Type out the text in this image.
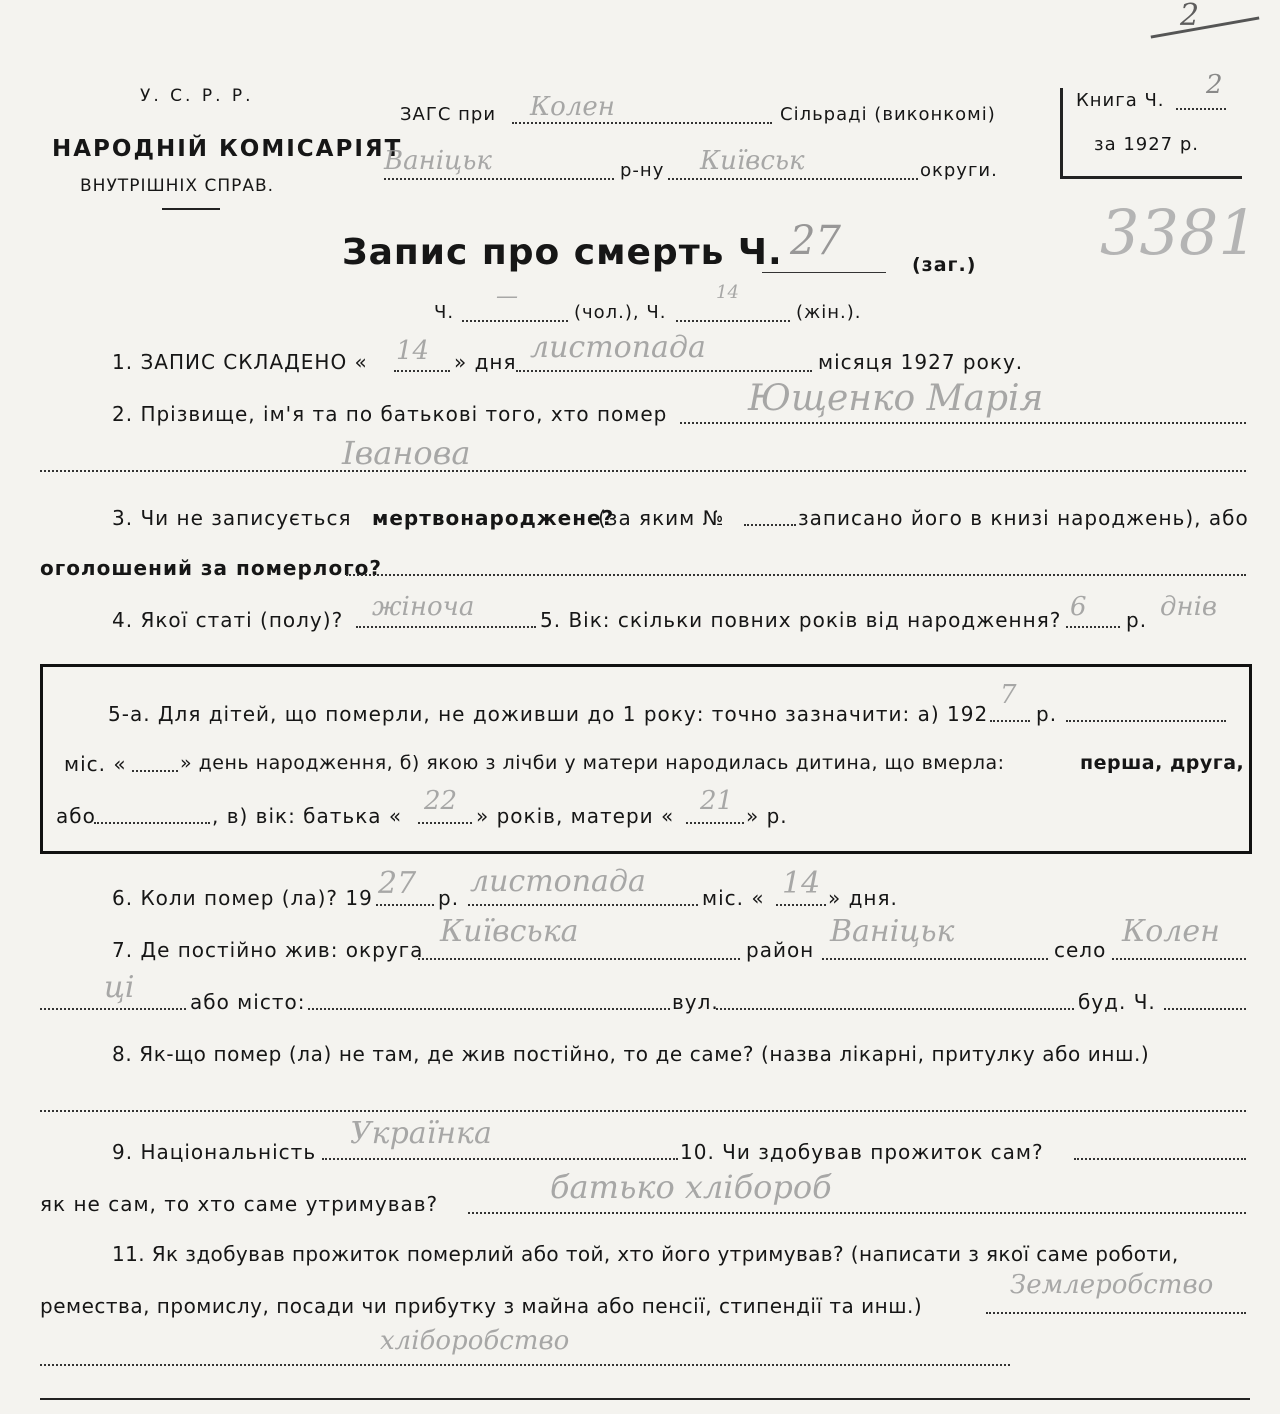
2
У. С. Р. Р.
НАРОДНІЙ КОМІСАРІЯТ
ВНУТРІШНІХ СПРАВ.
ЗАГС при Колен	Сільраді (виконкомі)
Ваніцьк	р-ну Київськ	округи.
Книга Ч.
2
за 1927 р.
3381
Запис про смерть Ч. 27
(заг.)
Ч.
—
(чол.), Ч.
14
(жін.).
1. ЗАПИС СКЛАДЕНО « 14 » дня листопада	місяця 1927 року.
2. Прізвище, ім'я та по батькові того, хто помер Ющенко Марія
Іванова
3. Чи не записується мертвонароджене?
(за яким №	записано його в книзі народжень), або
оголошений за померлого?
4. Якої статі (полу)? жіноча	5. Вік: скільки повних років від народження? 6 р. днів
5-а. Для дітей, що померли, не доживши до 1 року: точно зазначити: а) 192
7
р.
міс. «	» день народження, б) якою з лічби у матери народилась дитина, що вмерла:	перша, друга,
або	, в) вік: батька « 22 » років, матери « 21 » р.
6. Коли помер (ла)? 19 27 р. листопада	міс. « 14 » дня.
7. Де постійно жив: округа
Київська
район
Ваніцьк
село
Колен
ці	або місто:	вул.	буд. Ч.
8. Як-що помер (ла) не там, де жив постійно, то де саме? (назва лікарні, притулку або инш.)
9. Національність
Українка
10. Чи здобував прожиток сам?
як не сам, то хто саме утримував?	батько хлібороб
11. Як здобував прожиток померлий або той, хто його утримував? (написати з якої саме роботи,
ремества, промислу, посади чи прибутку з майна або пенсії, стипендії та инш.)
Землеробство
хліборобство
